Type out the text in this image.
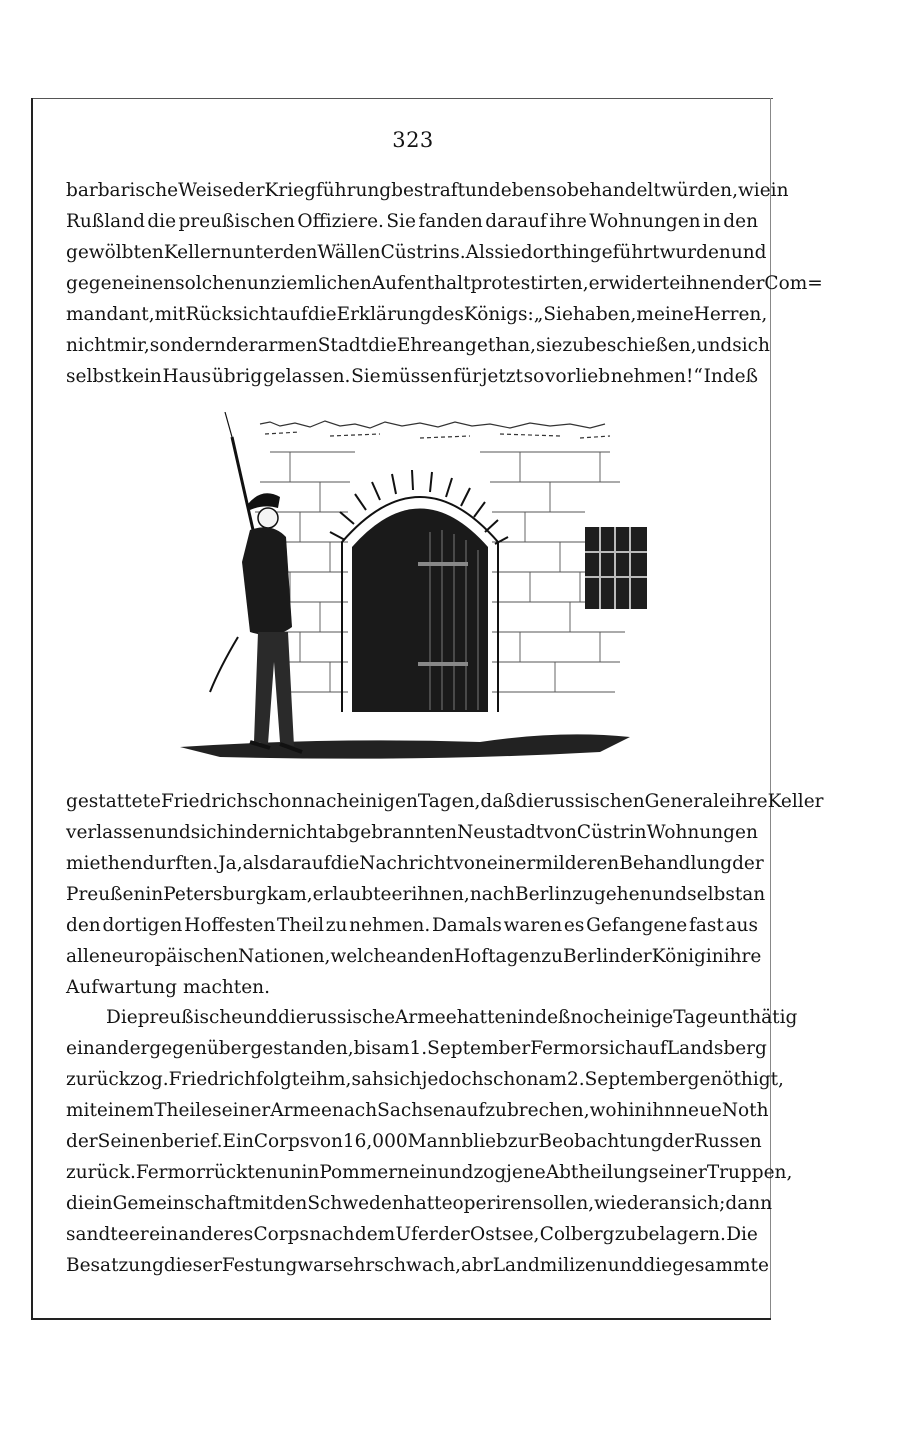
323
barbarische Weise der Kriegführung bestraft und ebenso behandelt würden, wie in
Rußland die preußischen Offiziere. Sie fanden darauf ihre Wohnungen in den
gewölbten Kellern unter den Wällen Cüstrins. Als sie dorthin geführt wurden und
gegen einen solchen unziemlichen Aufenthalt protestirten, erwiderte ihnen der Com=
mandant, mit Rücksicht auf die Erklärung des Königs: „Sie haben, meine Herren,
nicht mir, sondern der armen Stadt die Ehre angethan, sie zu beschießen, und sich
selbst kein Haus übrig gelassen. Sie müssen für jetzt so vorlieb nehmen!“ Indeß
gestattete Friedrich schon nach einigen Tagen, daß die russischen Generale ihre Keller
verlassen und sich in der nicht abgebrannten Neustadt von Cüstrin Wohnungen
miethen durften. Ja, als darauf die Nachricht von einer milderen Behandlung der
Preußen in Petersburg kam, erlaubte er ihnen, nach Berlin zu gehen und selbst an
den dortigen Hoffesten Theil zu nehmen. Damals waren es Gefangene fast aus
allen europäischen Nationen, welche an den Hoftagen zu Berlin der Königin ihre
Aufwartung machten.
Die preußische und die russische Armee hatten indeß noch einige Tage unthätig
einander gegenübergestanden, bis am 1. September Fermor sich auf Landsberg
zurückzog. Friedrich folgte ihm, sah sich jedoch schon am 2. September genöthigt,
mit einem Theile seiner Armee nach Sachsen aufzubrechen, wohin ihn neue Noth
der Seinen berief. Ein Corps von 16,000 Mann blieb zur Beobachtung der Russen
zurück. Fermor rückte nun in Pommern ein und zog jene Abtheilung seiner Truppen,
die in Gemeinschaft mit den Schweden hatte operiren sollen, wieder an sich; dann
sandte er ein anderes Corps nach dem Ufer der Ostsee, Colberg zu belagern. Die
Besatzung dieser Festung war sehr schwach, abr Landmilizen und die gesammte
